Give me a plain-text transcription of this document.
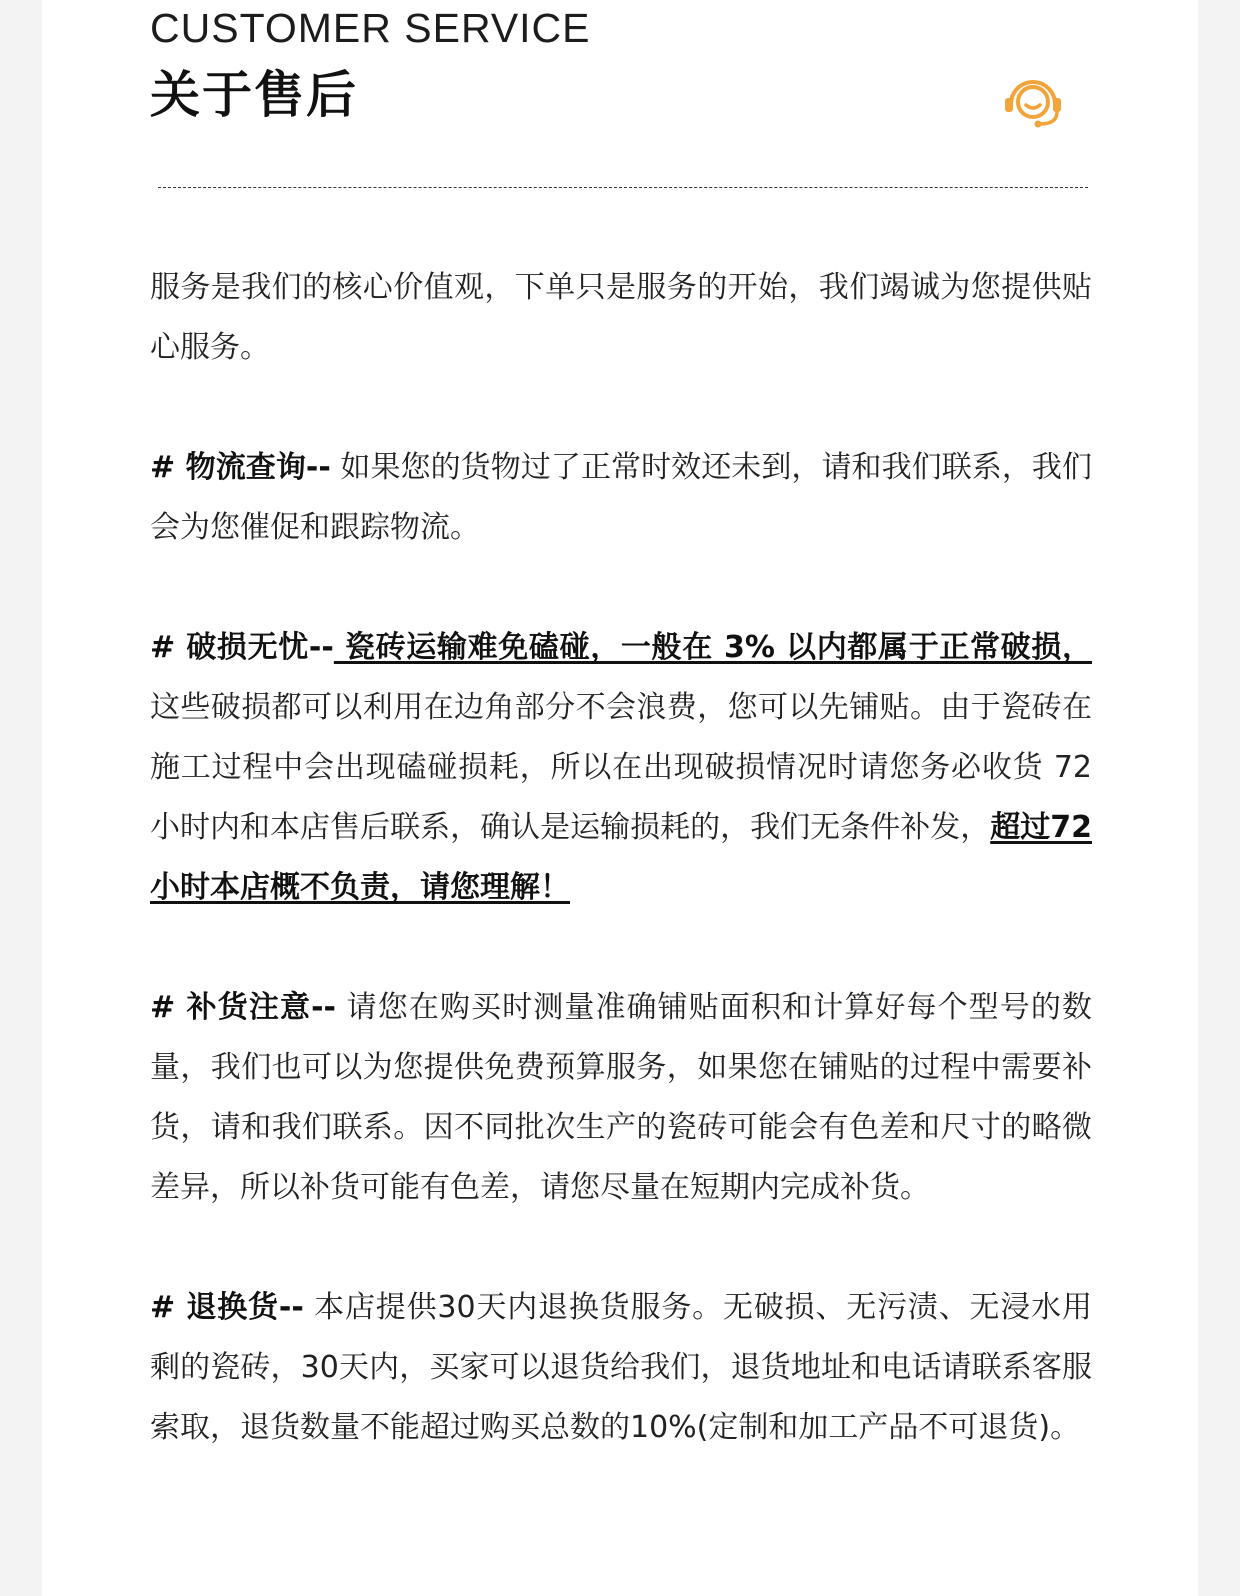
CUSTOMER SERVICE
关于售后

服务是我们的核心价值观，下单只是服务的开始，我们竭诚为您提供贴心服务。

# 物流查询-- 如果您的货物过了正常时效还未到，请和我们联系，我们会为您催促和跟踪物流。

# 破损无忧-- 瓷砖运输难免磕碰，一般在 3% 以内都属于正常破损，这些破损都可以利用在边角部分不会浪费，您可以先铺贴。由于瓷砖在施工过程中会出现磕碰损耗，所以在出现破损情况时请您务必收货 72 小时内和本店售后联系，确认是运输损耗的，我们无条件补发，超过72 小时本店概不负责，请您理解！

# 补货注意-- 请您在购买时测量准确铺贴面积和计算好每个型号的数量，我们也可以为您提供免费预算服务，如果您在铺贴的过程中需要补货，请和我们联系。因不同批次生产的瓷砖可能会有色差和尺寸的略微差异，所以补货可能有色差，请您尽量在短期内完成补货。

# 退换货-- 本店提供30天内退换货服务。无破损、无污渍、无浸水用剩的瓷砖，30天内，买家可以退货给我们，退货地址和电话请联系客服索取，退货数量不能超过购买总数的10%(定制和加工产品不可退货)。
